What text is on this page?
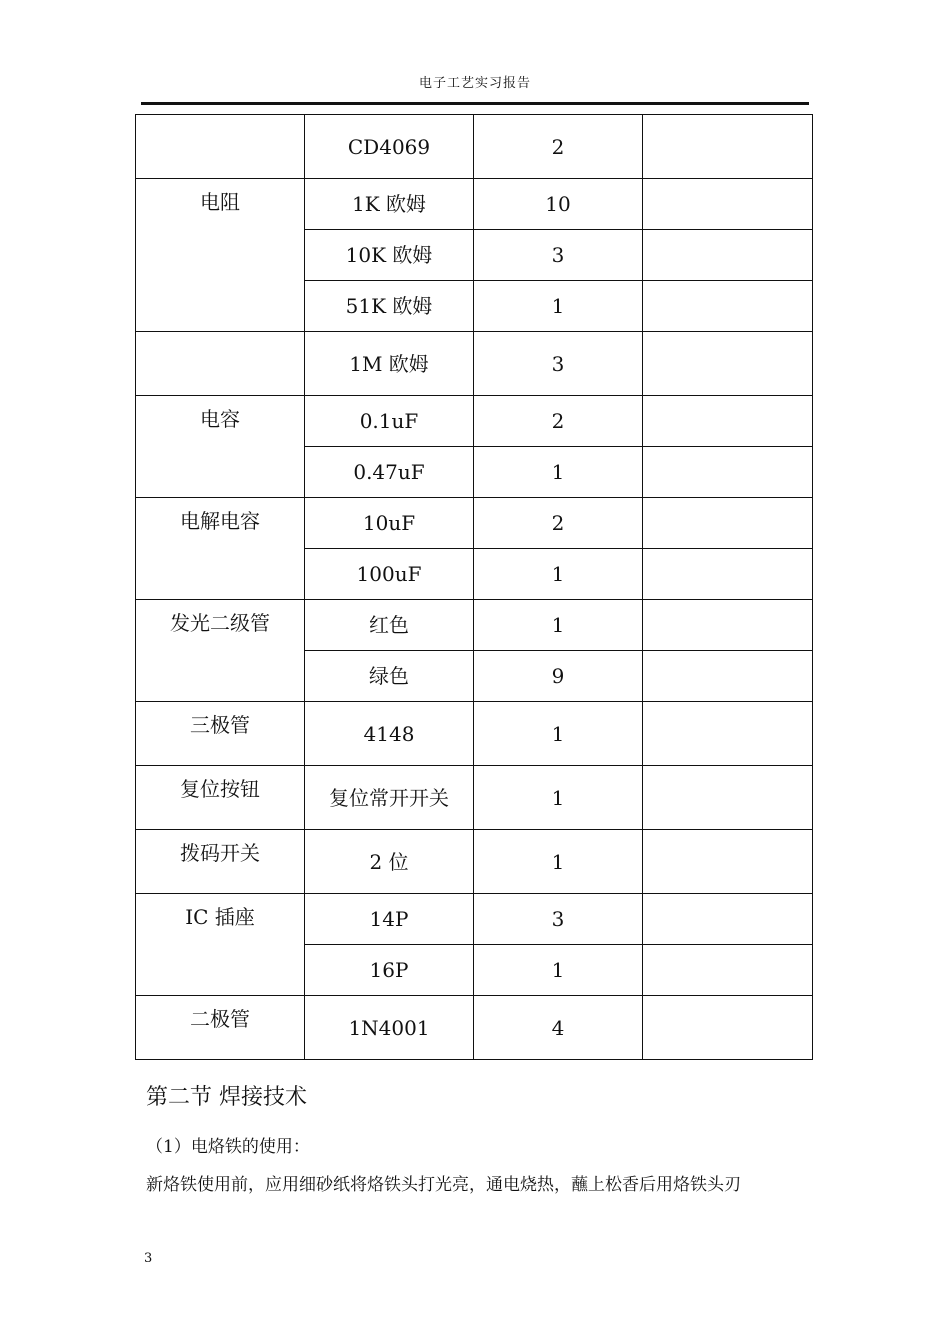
电子工艺实习报告
	CD4069	2	
电阻	1K 欧姆	10	
	10K 欧姆	3	
	51K 欧姆	1	
	1M 欧姆	3	
电容	0.1uF	2	
	0.47uF	1	
电解电容	10uF	2	
	100uF	1	
发光二级管	红色	1	
	绿色	9	
三极管	4148	1	
复位按钮	复位常开开关	1	
拨码开关	2 位	1	
IC 插座	14P	3	
	16P	1	
二极管	1N4001	4	
第二节 焊接技术
（1）电烙铁的使用：
新烙铁使用前，应用细砂纸将烙铁头打光亮，通电烧热，蘸上松香后用烙铁头刃
3
